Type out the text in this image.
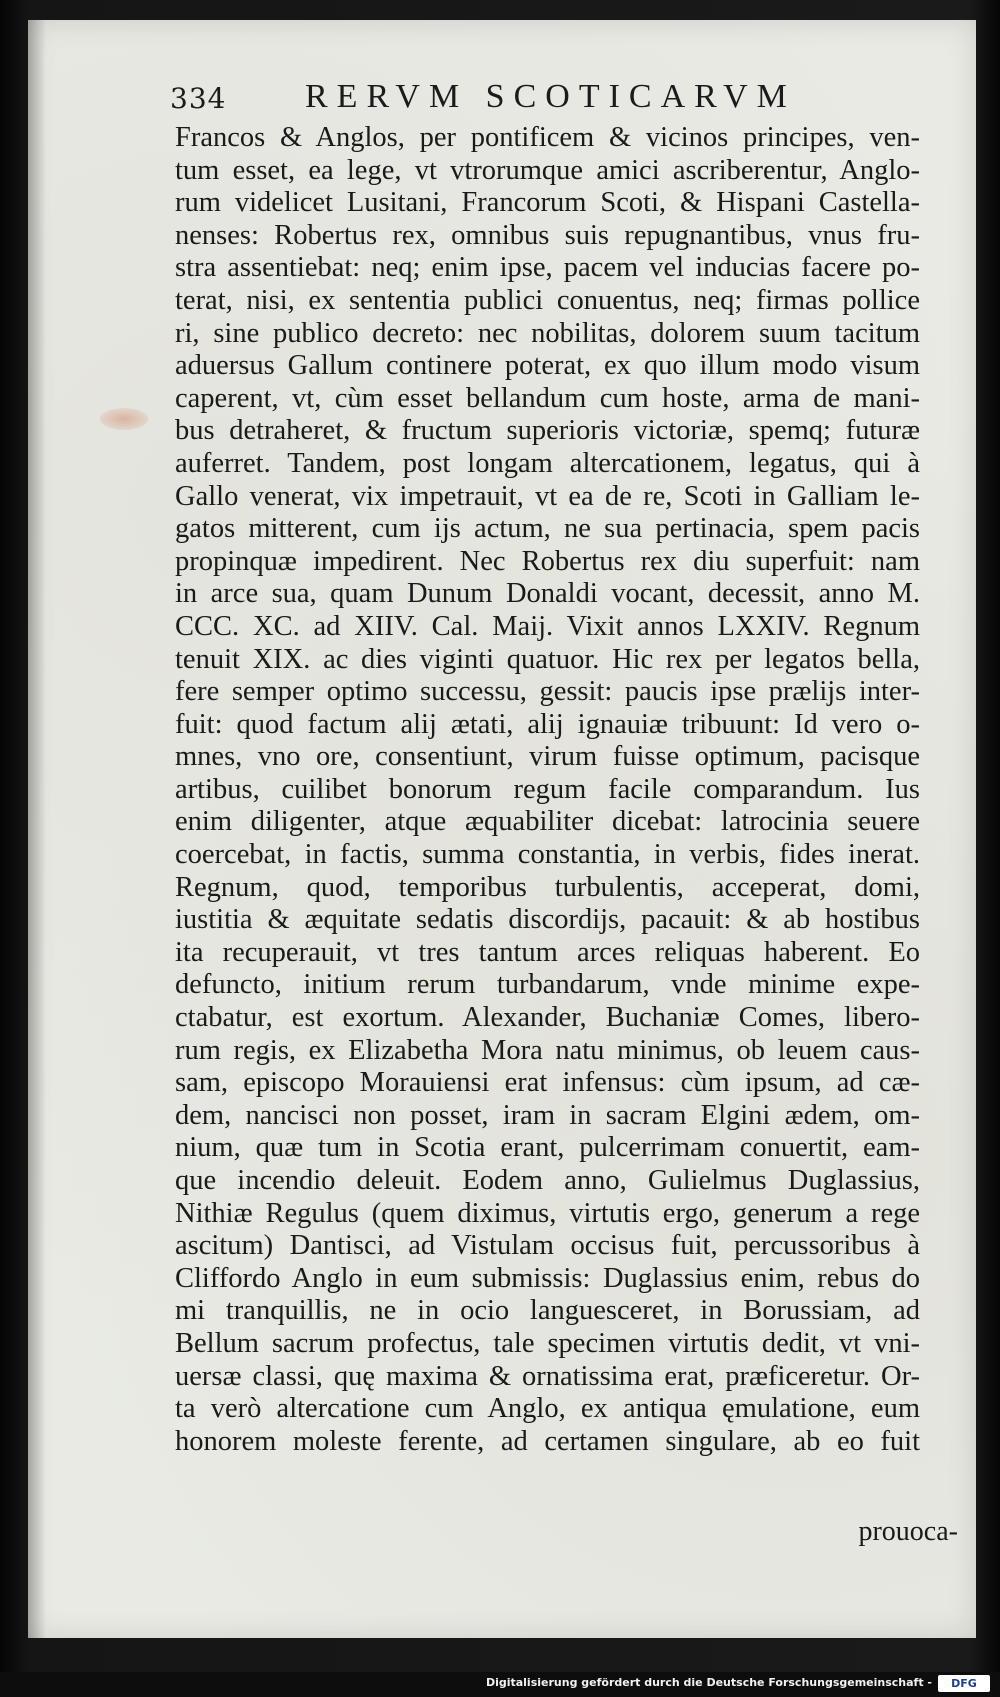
334 RERVM SCOTICARVM
Francos & Anglos, per pontificem & vicinos principes, ven-
tum esset, ea lege, vt vtrorumque amici ascriberentur, Anglo-
rum videlicet Lusitani, Francorum Scoti, & Hispani Castella-
nenses: Robertus rex, omnibus suis repugnantibus, vnus fru-
stra assentiebat: neq; enim ipse, pacem vel inducias facere po-
terat, nisi, ex sententia publici conuentus, neq; firmas pollice
ri, sine publico decreto: nec nobilitas, dolorem suum tacitum
aduersus Gallum continere poterat, ex quo illum modo visum
caperent, vt, cùm esset bellandum cum hoste, arma de mani-
bus detraheret, & fructum superioris victoriæ, spemq; futuræ
auferret. Tandem, post longam altercationem, legatus, qui à
Gallo venerat, vix impetrauit, vt ea de re, Scoti in Galliam le-
gatos mitterent, cum ijs actum, ne sua pertinacia, spem pacis
propinquæ impedirent. Nec Robertus rex diu superfuit: nam
in arce sua, quam Dunum Donaldi vocant, decessit, anno M.
CCC. XC. ad XIIV. Cal. Maij. Vixit annos LXXIV. Regnum
tenuit XIX. ac dies viginti quatuor. Hic rex per legatos bella,
fere semper optimo successu, gessit: paucis ipse prælijs inter-
fuit: quod factum alij ætati, alij ignauiæ tribuunt: Id vero o-
mnes, vno ore, consentiunt, virum fuisse optimum, pacisque
artibus, cuilibet bonorum regum facile comparandum. Ius
enim diligenter, atque æquabiliter dicebat: latrocinia seuere
coercebat, in factis, summa constantia, in verbis, fides inerat.
Regnum, quod, temporibus turbulentis, acceperat, domi,
iustitia & æquitate sedatis discordijs, pacauit: & ab hostibus
ita recuperauit, vt tres tantum arces reliquas haberent. Eo
defuncto, initium rerum turbandarum, vnde minime expe-
ctabatur, est exortum. Alexander, Buchaniæ Comes, libero-
rum regis, ex Elizabetha Mora natu minimus, ob leuem caus-
sam, episcopo Morauiensi erat infensus: cùm ipsum, ad cæ-
dem, nancisci non posset, iram in sacram Elgini ædem, om-
nium, quæ tum in Scotia erant, pulcerrimam conuertit, eam-
que incendio deleuit. Eodem anno, Gulielmus Duglassius,
Nithiæ Regulus (quem diximus, virtutis ergo, generum a rege
ascitum) Dantisci, ad Vistulam occisus fuit, percussoribus à
Cliffordo Anglo in eum submissis: Duglassius enim, rebus do
mi tranquillis, ne in ocio languesceret, in Borussiam, ad
Bellum sacrum profectus, tale specimen virtutis dedit, vt vni-
uersæ classi, quę maxima & ornatissima erat, præficeretur. Or-
ta verò altercatione cum Anglo, ex antiqua ęmulatione, eum
honorem moleste ferente, ad certamen singulare, ab eo fuit
prouoca-
Digitalisierung gefördert durch die Deutsche Forschungsgemeinschaft -	DFG
